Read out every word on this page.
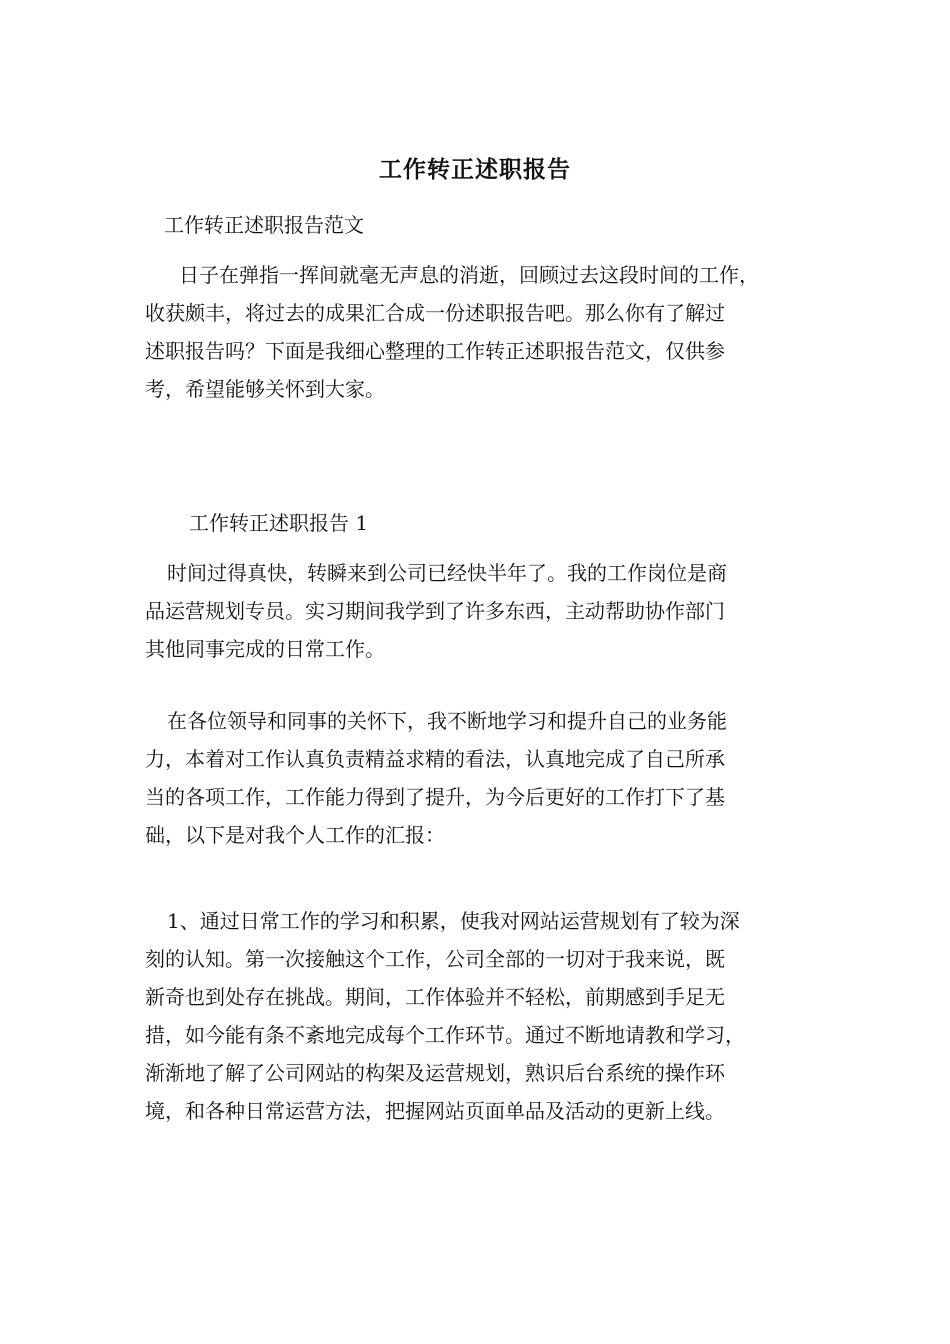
工作转正述职报告
工作转正述职报告范文

日子在弹指一挥间就毫无声息的消逝，回顾过去这段时间的工作，
收获颇丰，将过去的成果汇合成一份述职报告吧。那么你有了解过
述职报告吗？下面是我细心整理的工作转正述职报告范文，仅供参
考，希望能够关怀到大家。

工作转正述职报告 1

时间过得真快，转瞬来到公司已经快半年了。我的工作岗位是商
品运营规划专员。实习期间我学到了许多东西，主动帮助协作部门
其他同事完成的日常工作。

在各位领导和同事的关怀下，我不断地学习和提升自己的业务能
力，本着对工作认真负责精益求精的看法，认真地完成了自己所承
当的各项工作，工作能力得到了提升，为今后更好的工作打下了基
础，以下是对我个人工作的汇报：

1、通过日常工作的学习和积累，使我对网站运营规划有了较为深
刻的认知。第一次接触这个工作，公司全部的一切对于我来说，既
新奇也到处存在挑战。期间，工作体验并不轻松，前期感到手足无
措，如今能有条不紊地完成每个工作环节。通过不断地请教和学习，
渐渐地了解了公司网站的构架及运营规划，熟识后台系统的操作环
境，和各种日常运营方法，把握网站页面单品及活动的更新上线。
